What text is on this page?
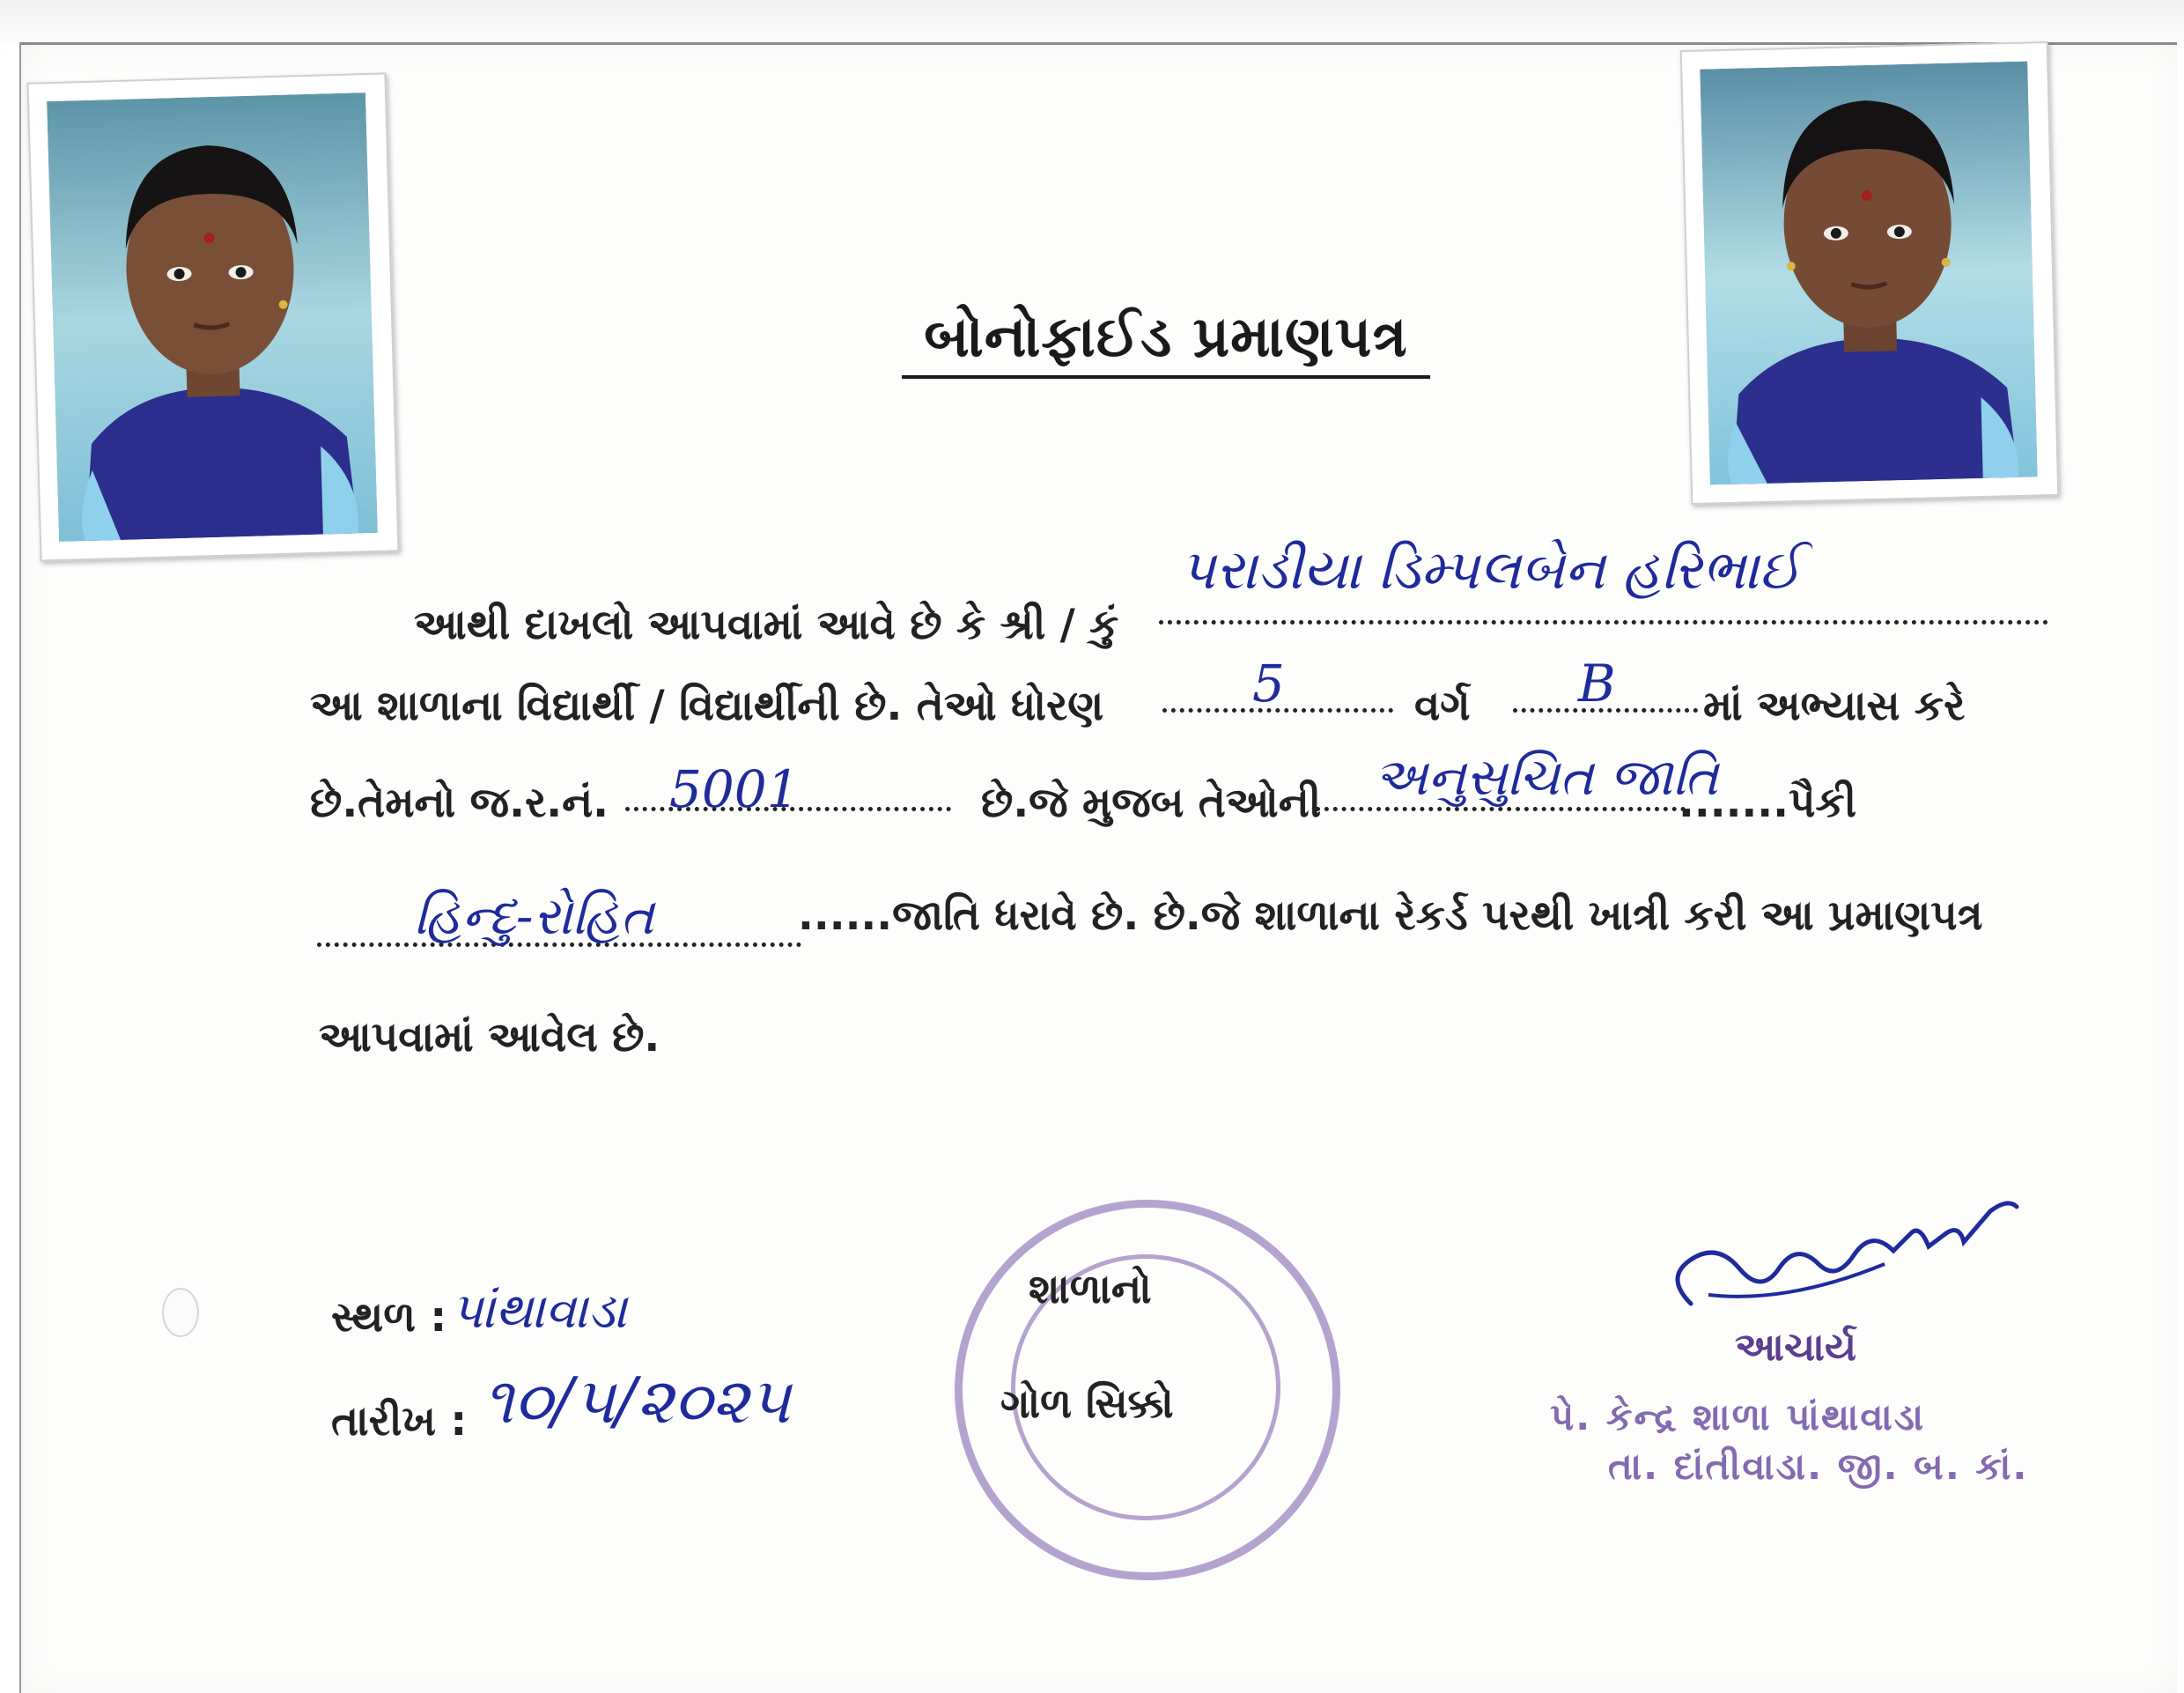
બોનોફાઈડ પ્રમાણપત્ર
આથી દાખલો આપવામાં આવે છે કે શ્રી / કું
પરાડીયા ડિમ્પલબેન હરિભાઈ
આ શાળાના વિદ્યાર્થી / વિદ્યાર્થીની છે. તેઓ ધોરણ	5	વર્ગ B માં અભ્યાસ કરે
છે.તેમનો જ.ર.નં. 5001	છે.જે મુજબ તેઓની અનુસુચિત જાતિ
.......પૈકી
હિન્દુ-રોહિત	......જાતિ ધરાવે છે. છે.જે શાળાના રેકર્ડ પરથી ખાત્રી કરી આ પ્રમાણપત્ર
આપવામાં આવેલ છે.
સ્થળ : પાંથાવાડા
તારીખ : ૧૦/૫/૨૦૨૫
શાળાનો
ગોળ સિક્કો
આચાર્ય
પે. કેન્દ્ર શાળા પાંથાવાડા
તા. દાંતીવાડા. જી. બ. કાં.
